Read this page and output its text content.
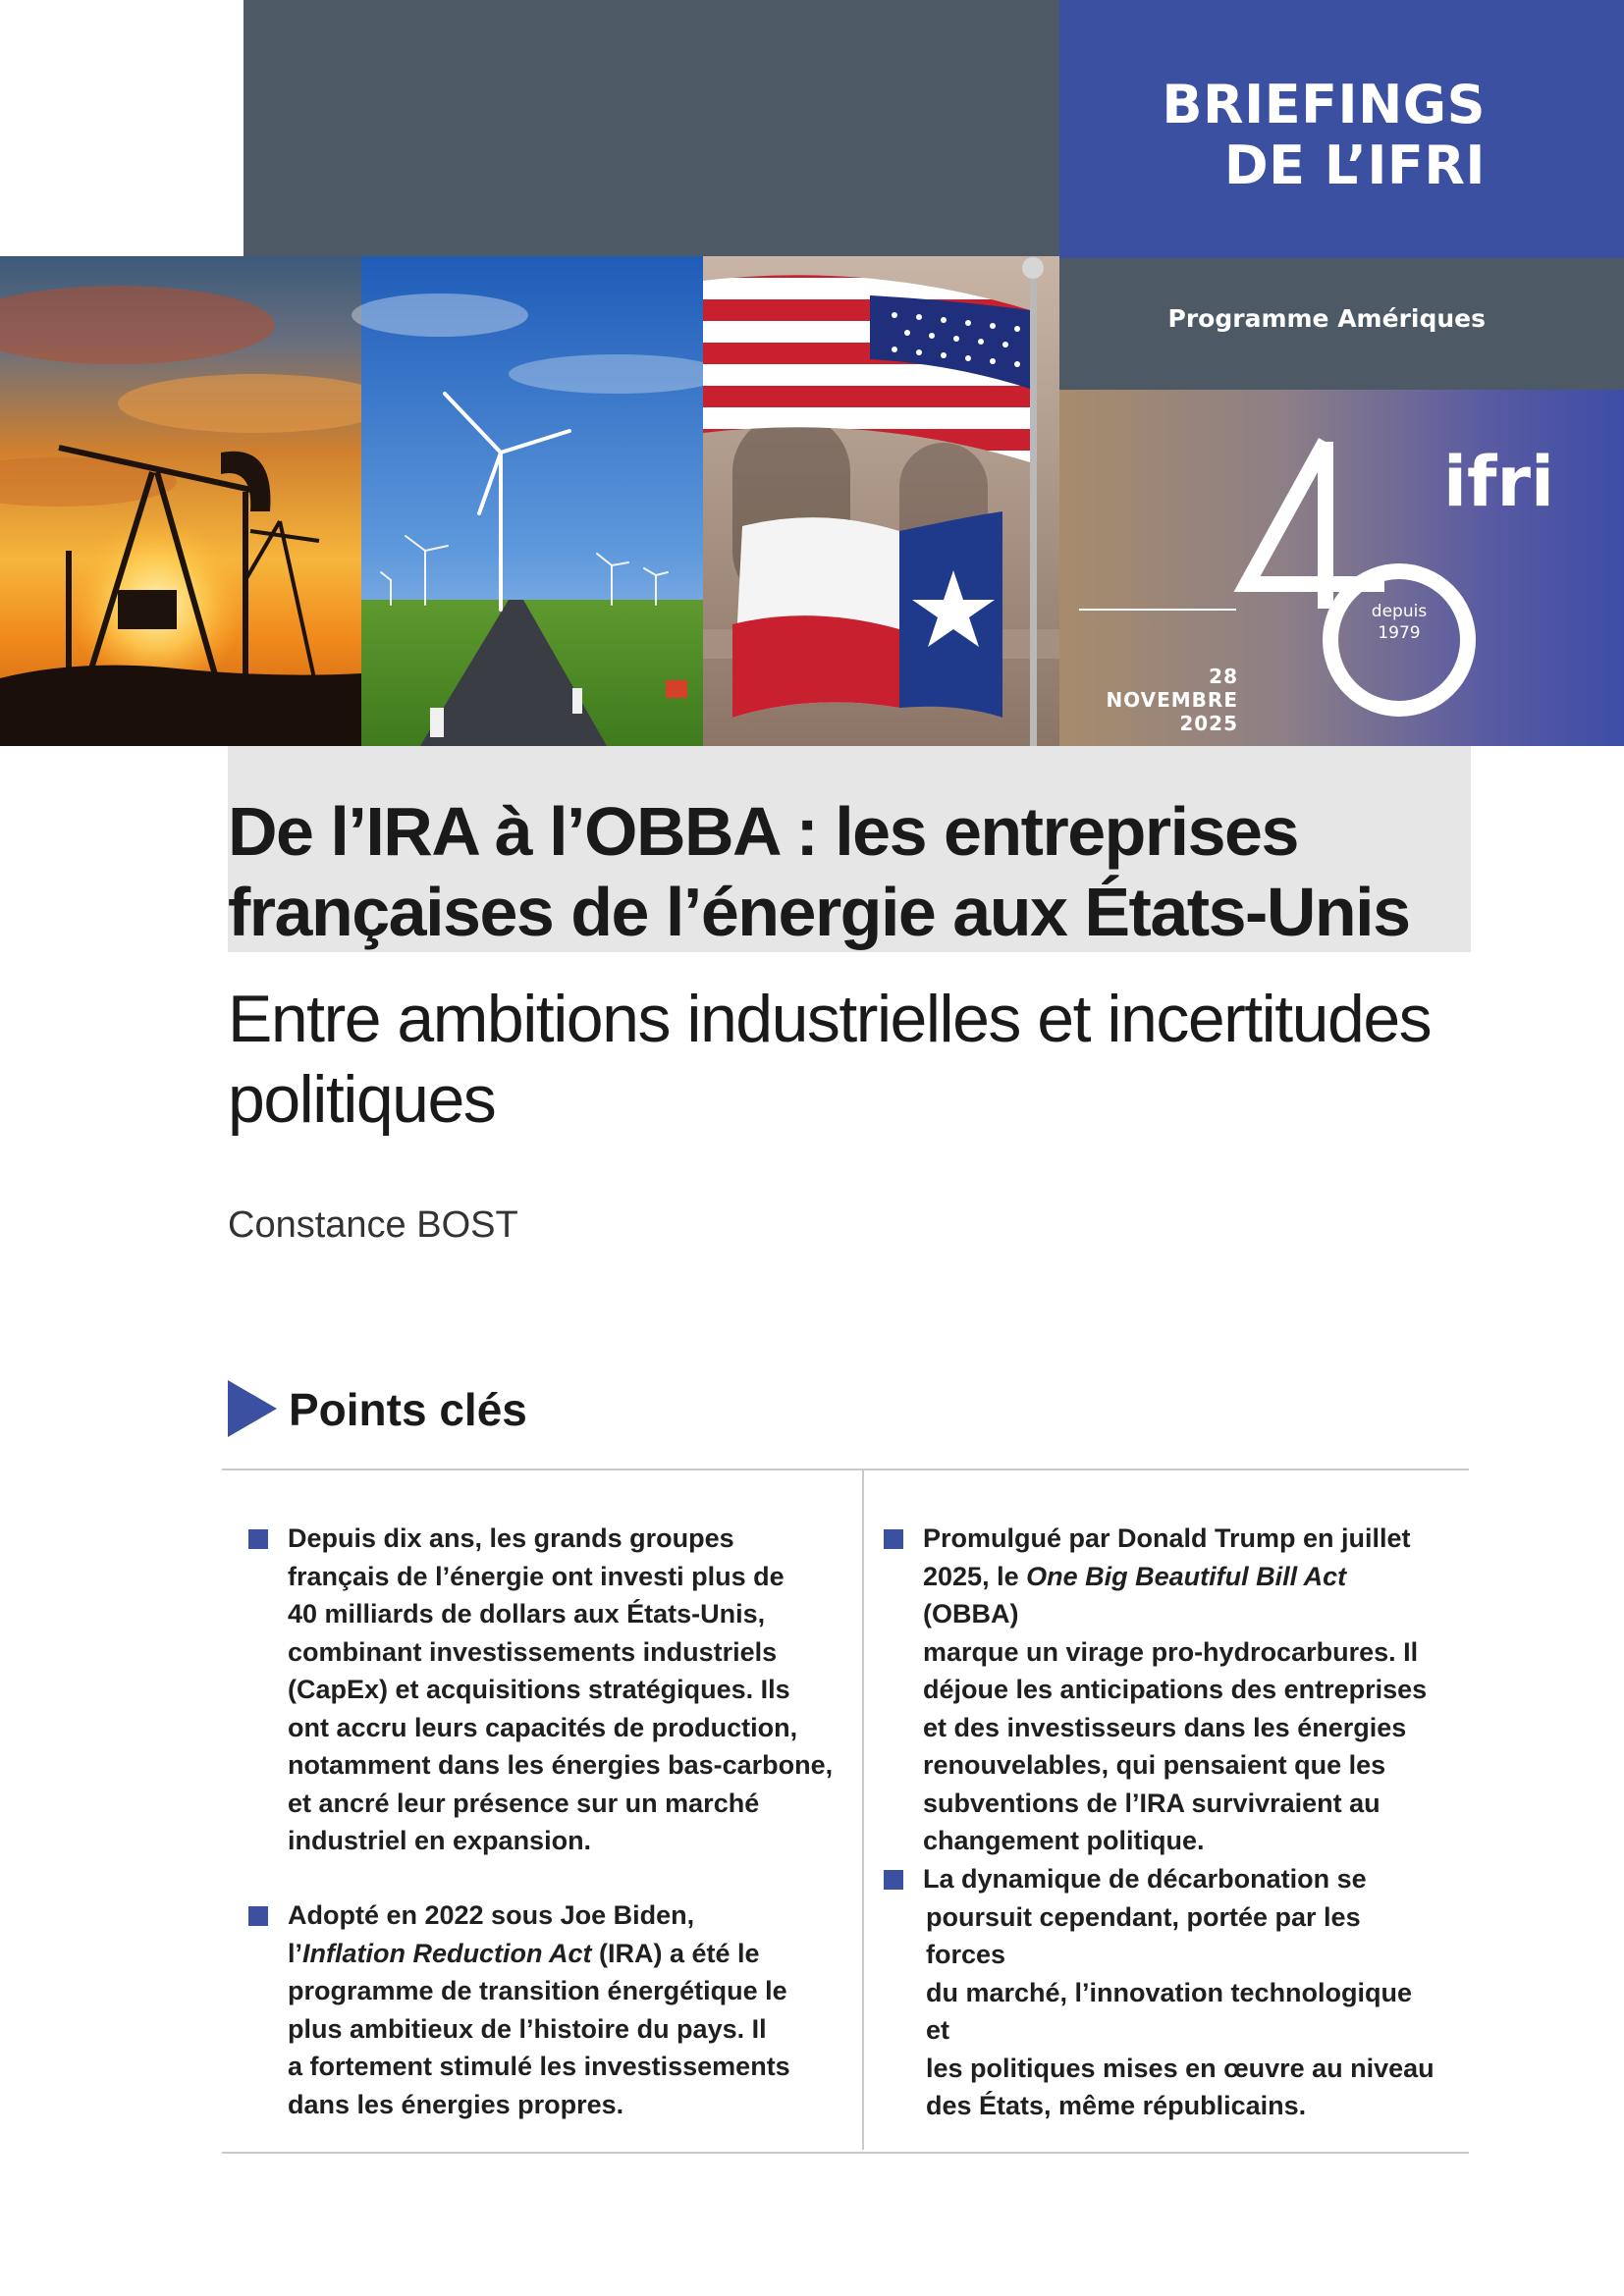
BRIEFINGS
DE L’IFRI
Programme Amériques
ifri
depuis
1979
28 NOVEMBRE
2025
De l’IRA à l’OBBA : les entreprises
françaises de l’énergie aux États-Unis
Entre ambitions industrielles et incertitudes
politiques
Constance BOST
Points clés

Depuis dix ans, les grands groupes

français de l’énergie ont investi plus de

40 milliards de dollars aux États-Unis,

combinant investissements industriels

(CapEx) et acquisitions stratégiques. Ils

ont accru leurs capacités de production,

notamment dans les énergies bas-carbone,

et ancré leur présence sur un marché

industriel en expansion.

Adopté en 2022 sous Joe Biden,

l’Inflation Reduction Act (IRA) a été le

programme de transition énergétique le

plus ambitieux de l’histoire du pays. Il

a fortement stimulé les investissements

dans les énergies propres.

Promulgué par Donald Trump en juillet

2025, le One Big Beautiful Bill Act (OBBA)

marque un virage pro-hydrocarbures. Il

déjoue les anticipations des entreprises

et des investisseurs dans les énergies

renouvelables, qui pensaient que les

subventions de l’IRA survivraient au

changement politique.

La dynamique de décarbonation se

poursuit cependant, portée par les forces

du marché, l’innovation technologique et

les politiques mises en œuvre au niveau

des États, même républicains.
